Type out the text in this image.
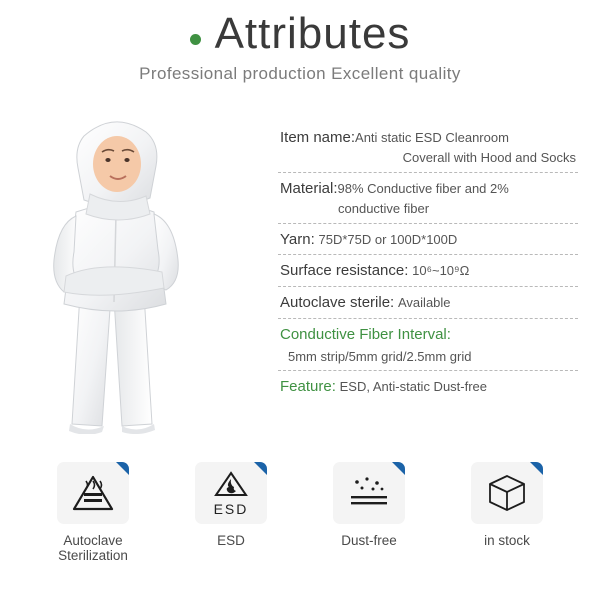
Attributes
Professional production Excellent quality
Item name:Anti static ESD Cleanroom
Coverall with Hood and Socks
Material:98% Conductive fiber and 2%
conductive fiber
Yarn: 75D*75D or 100D*100D
Surface resistance: 10⁶~10⁹Ω
Autoclave sterile: Available
Conductive Fiber Interval:
5mm strip/5mm grid/2.5mm grid
Feature: ESD, Anti-static Dust-free
Autoclave Sterilization
ESD
ESD	Dust-free	in stock
